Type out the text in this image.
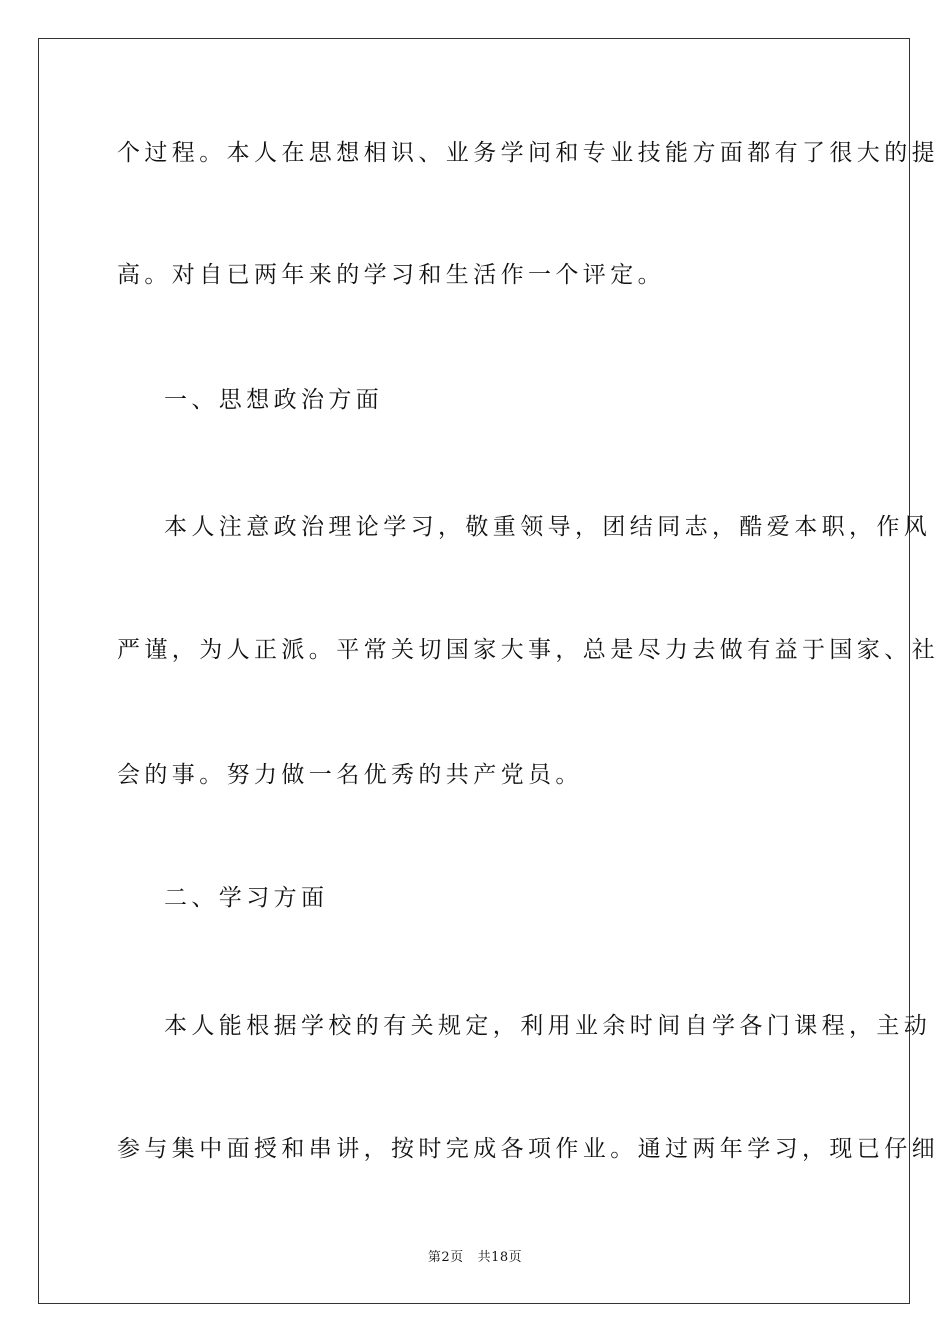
个过程。本人在思想相识、业务学问和专业技能方面都有了很大的提
高。对自已两年来的学习和生活作一个评定。
一、思想政治方面
本人注意政治理论学习，敬重领导，团结同志，酷爱本职，作风
严谨，为人正派。平常关切国家大事，总是尽力去做有益于国家、社
会的事。努力做一名优秀的共产党员。
二、学习方面
本人能根据学校的有关规定，利用业余时间自学各门课程，主动
参与集中面授和串讲，按时完成各项作业。通过两年学习，现已仔细
第2页 共18页
